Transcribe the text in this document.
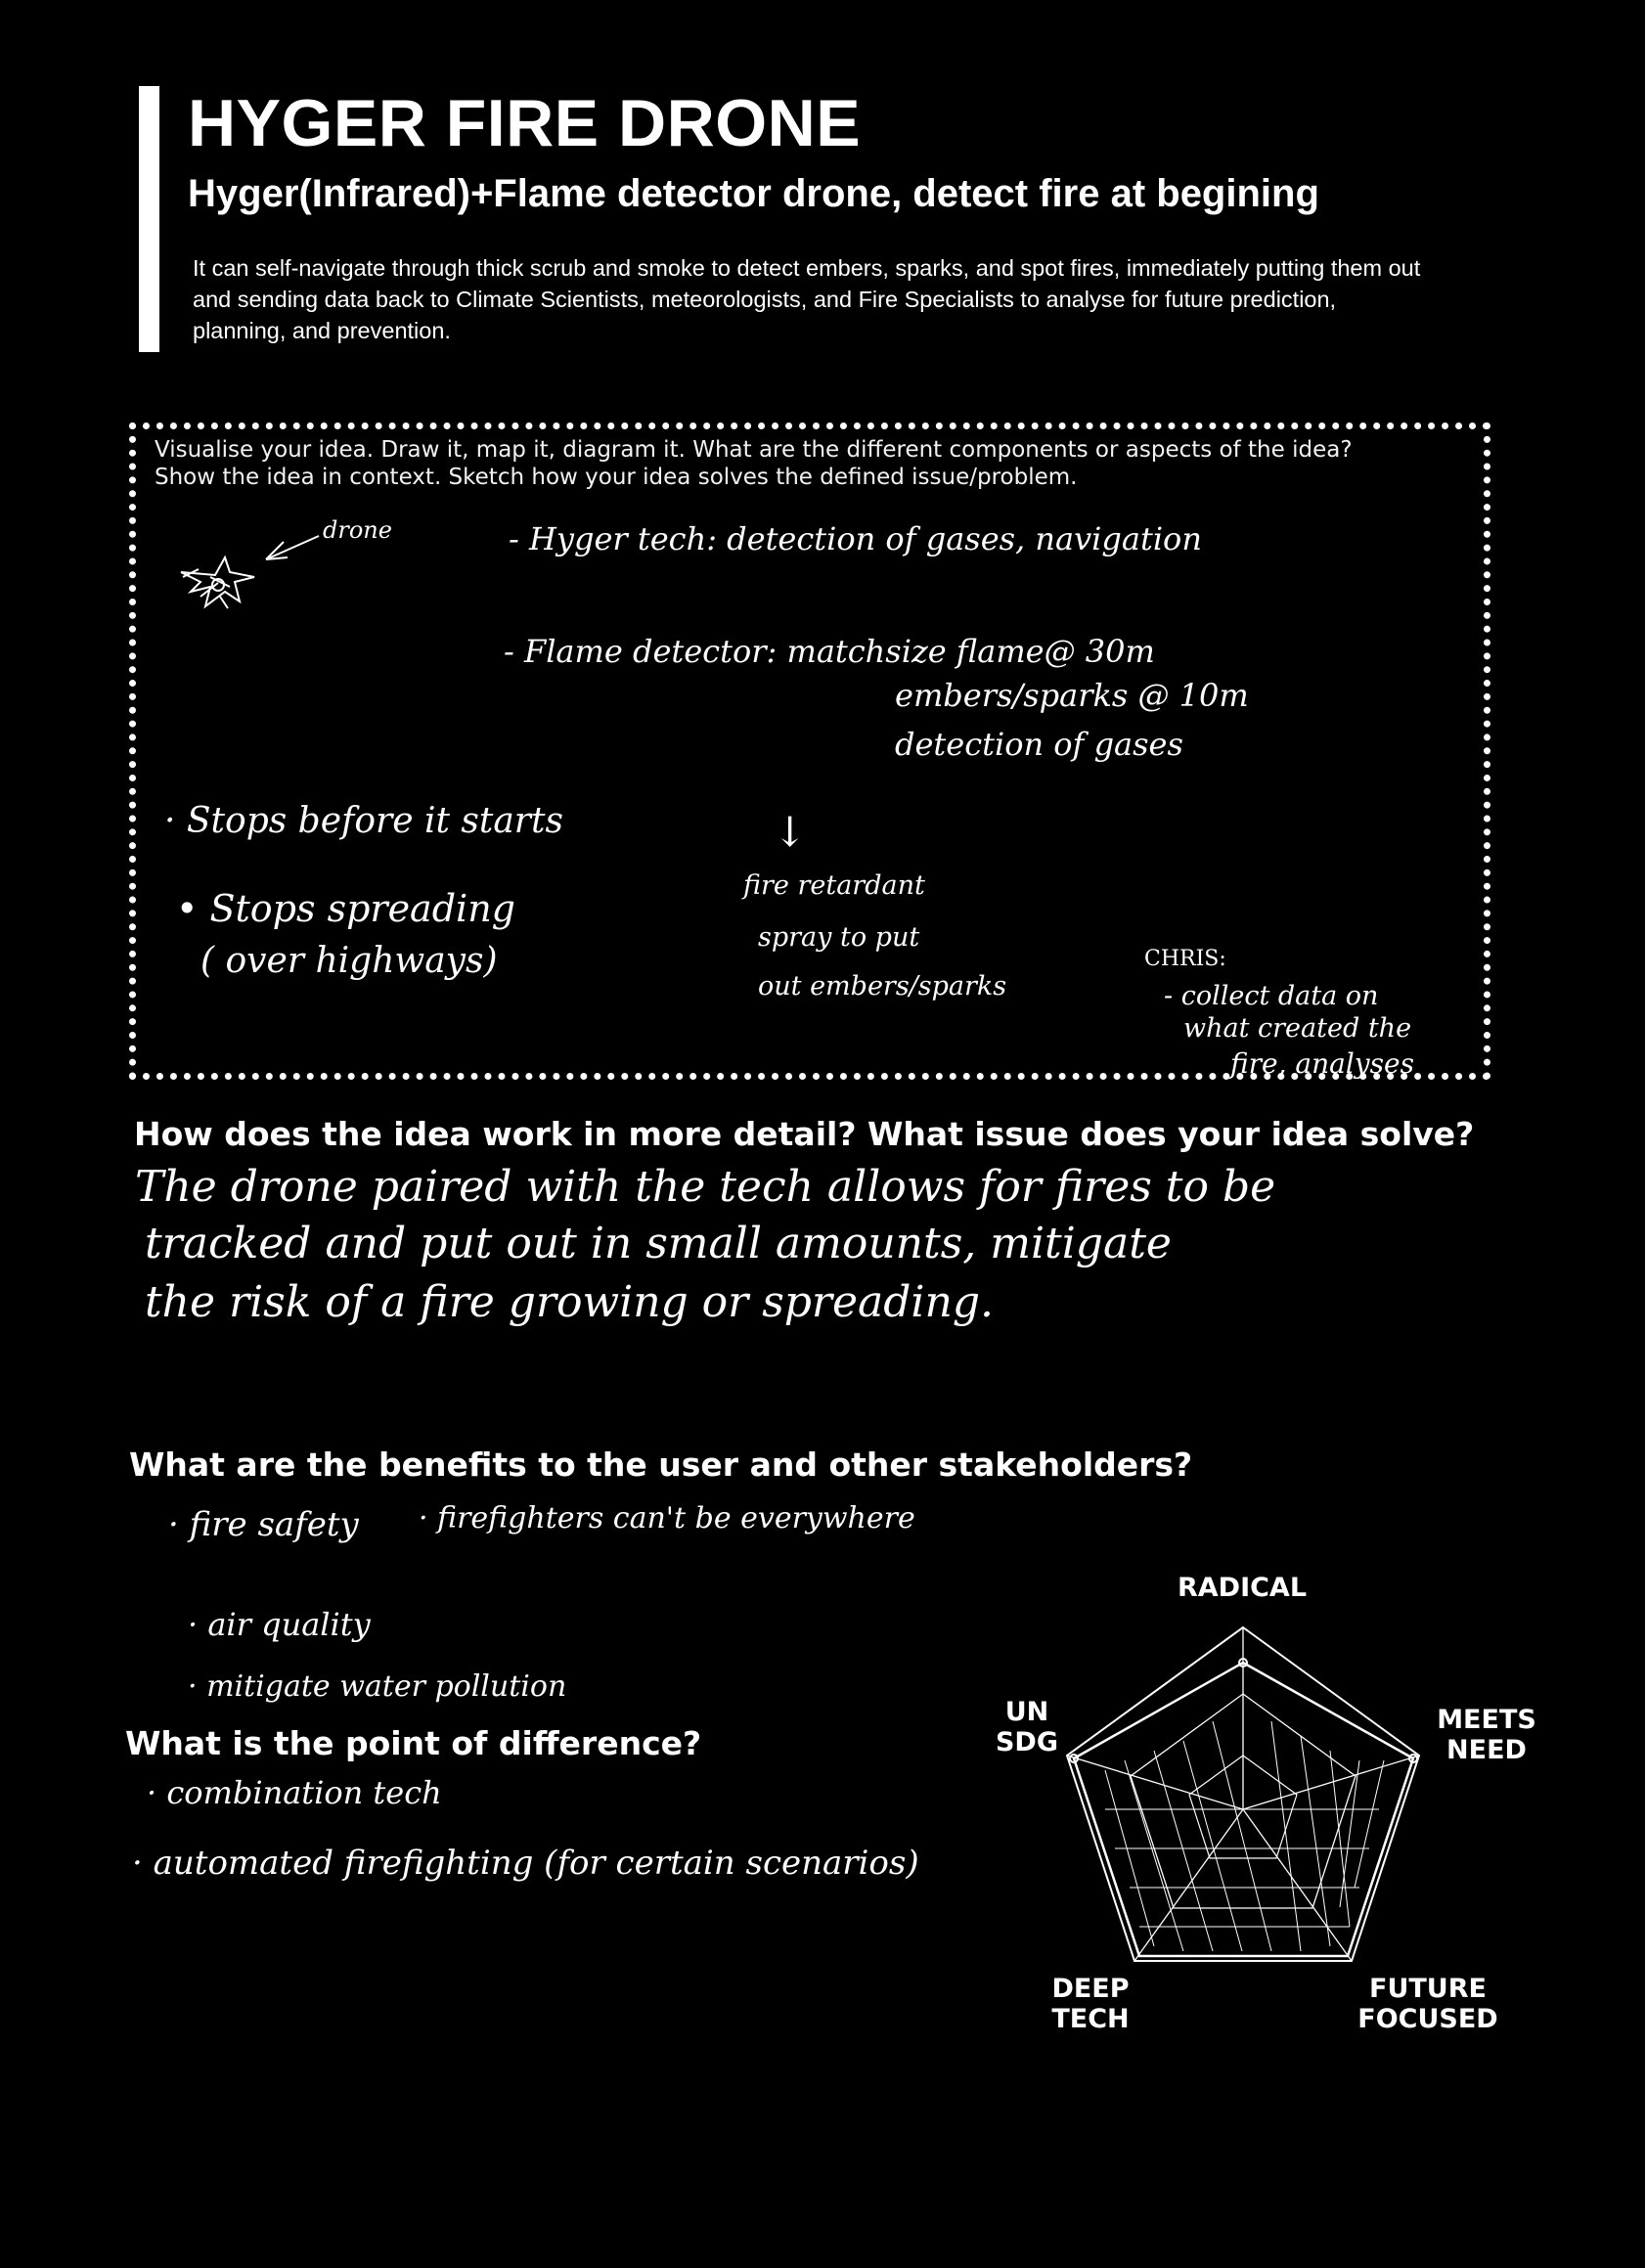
HYGER FIRE DRONE
Hyger(Infrared)+Flame detector drone, detect fire at begining
It can self-navigate through thick scrub and smoke to detect embers, sparks, and spot fires, immediately putting them out and sending data back to Climate Scientists, meteorologists, and Fire Specialists to analyse for future prediction, planning, and prevention.
Visualise your idea. Draw it, map it, diagram it. What are the different components or aspects of the idea?
Show the idea in context. Sketch how your idea solves the defined issue/problem.
drone	- Hyger tech: detection of gases, navigation
- Flame detector: matchsize flame@ 30m
embers/sparks @ 10m
detection of gases
· Stops before it starts
• Stops spreading
( over highways)
↓
fire retardant
spray to put
out embers/sparks
CHRIS:
- collect data on
what created the
fire, analyses
How does the idea work in more detail? What issue does your idea solve?
The drone paired with the tech allows for fires to be
tracked and put out in small amounts, mitigate
the risk of a fire growing or spreading.
What are the benefits to the user and other stakeholders?
· fire safety · firefighters can't be everywhere
· air quality
· mitigate water pollution
What is the point of difference?
· combination tech
· automated firefighting (for certain scenarios)
RADICAL
MEETS
NEED
UN
SDG
DEEP
TECH
FUTURE
FOCUSED
